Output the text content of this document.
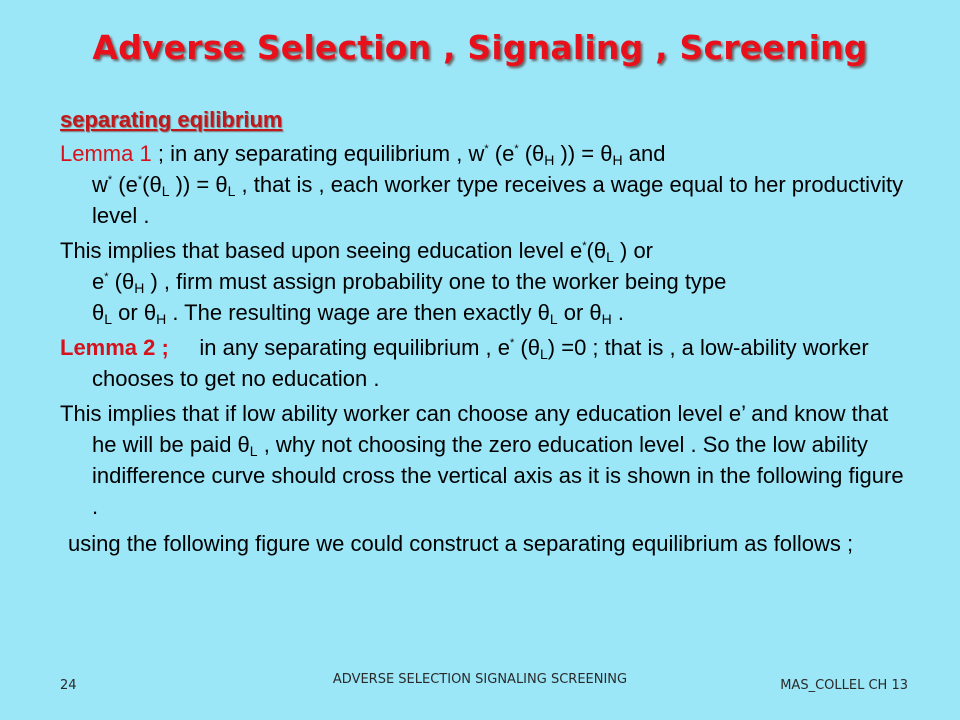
Adverse Selection , Signaling , Screening
separating eqilibrium
Lemma 1 ; in any separating equilibrium , w* (e* ($\theta_H$ )) = $\theta_H$ and
w* ($e^*(\theta_L$ )) = $\theta_L$ , that is , each worker type receives a wage equal to her productivity level .
This implies that based upon seeing education level $e^*(\theta_L$ ) or
e* ($\theta_H$ ) , firm must assign probability one to the worker being type
$\theta_L$ or $\theta_H$ . The resulting wage are then exactly $\theta_L$ or $\theta_H$ .
Lemma 2 ; in any separating equilibrium , e* $(\theta_L) =0$ ; that is , a low-ability worker chooses to get no education .
This implies that if low ability worker can choose any education level e’ and know that he will be paid $\theta_L$ , why not choosing the zero education level . So the low ability indifference curve should cross the vertical axis as it is shown in the following figure .
using the following figure we could construct a separating equilibrium as follows ;
24	ADVERSE SELECTION SIGNALING SCREENING	MAS_COLLEL CH 13
